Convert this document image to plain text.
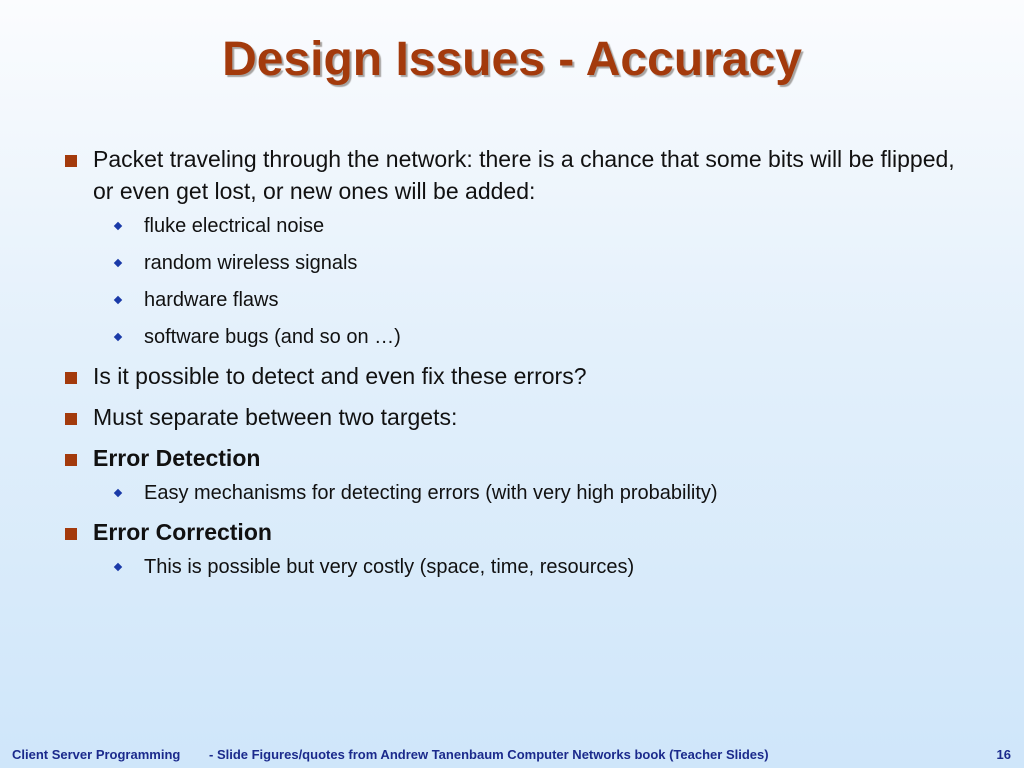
Design Issues - Accuracy
Packet traveling through the network: there is a chance that some bits will be flipped, or even get lost, or new ones will be added:
fluke electrical noise
random wireless signals
hardware flaws
software bugs (and so on …)
Is it possible to detect and even fix these errors?
Must separate between two targets:
Error Detection
Easy mechanisms for detecting errors (with very high probability)
Error Correction
This is possible but very costly (space, time, resources)
Client Server Programming - Slide Figures/quotes from Andrew Tanenbaum Computer Networks book (Teacher Slides)	16
